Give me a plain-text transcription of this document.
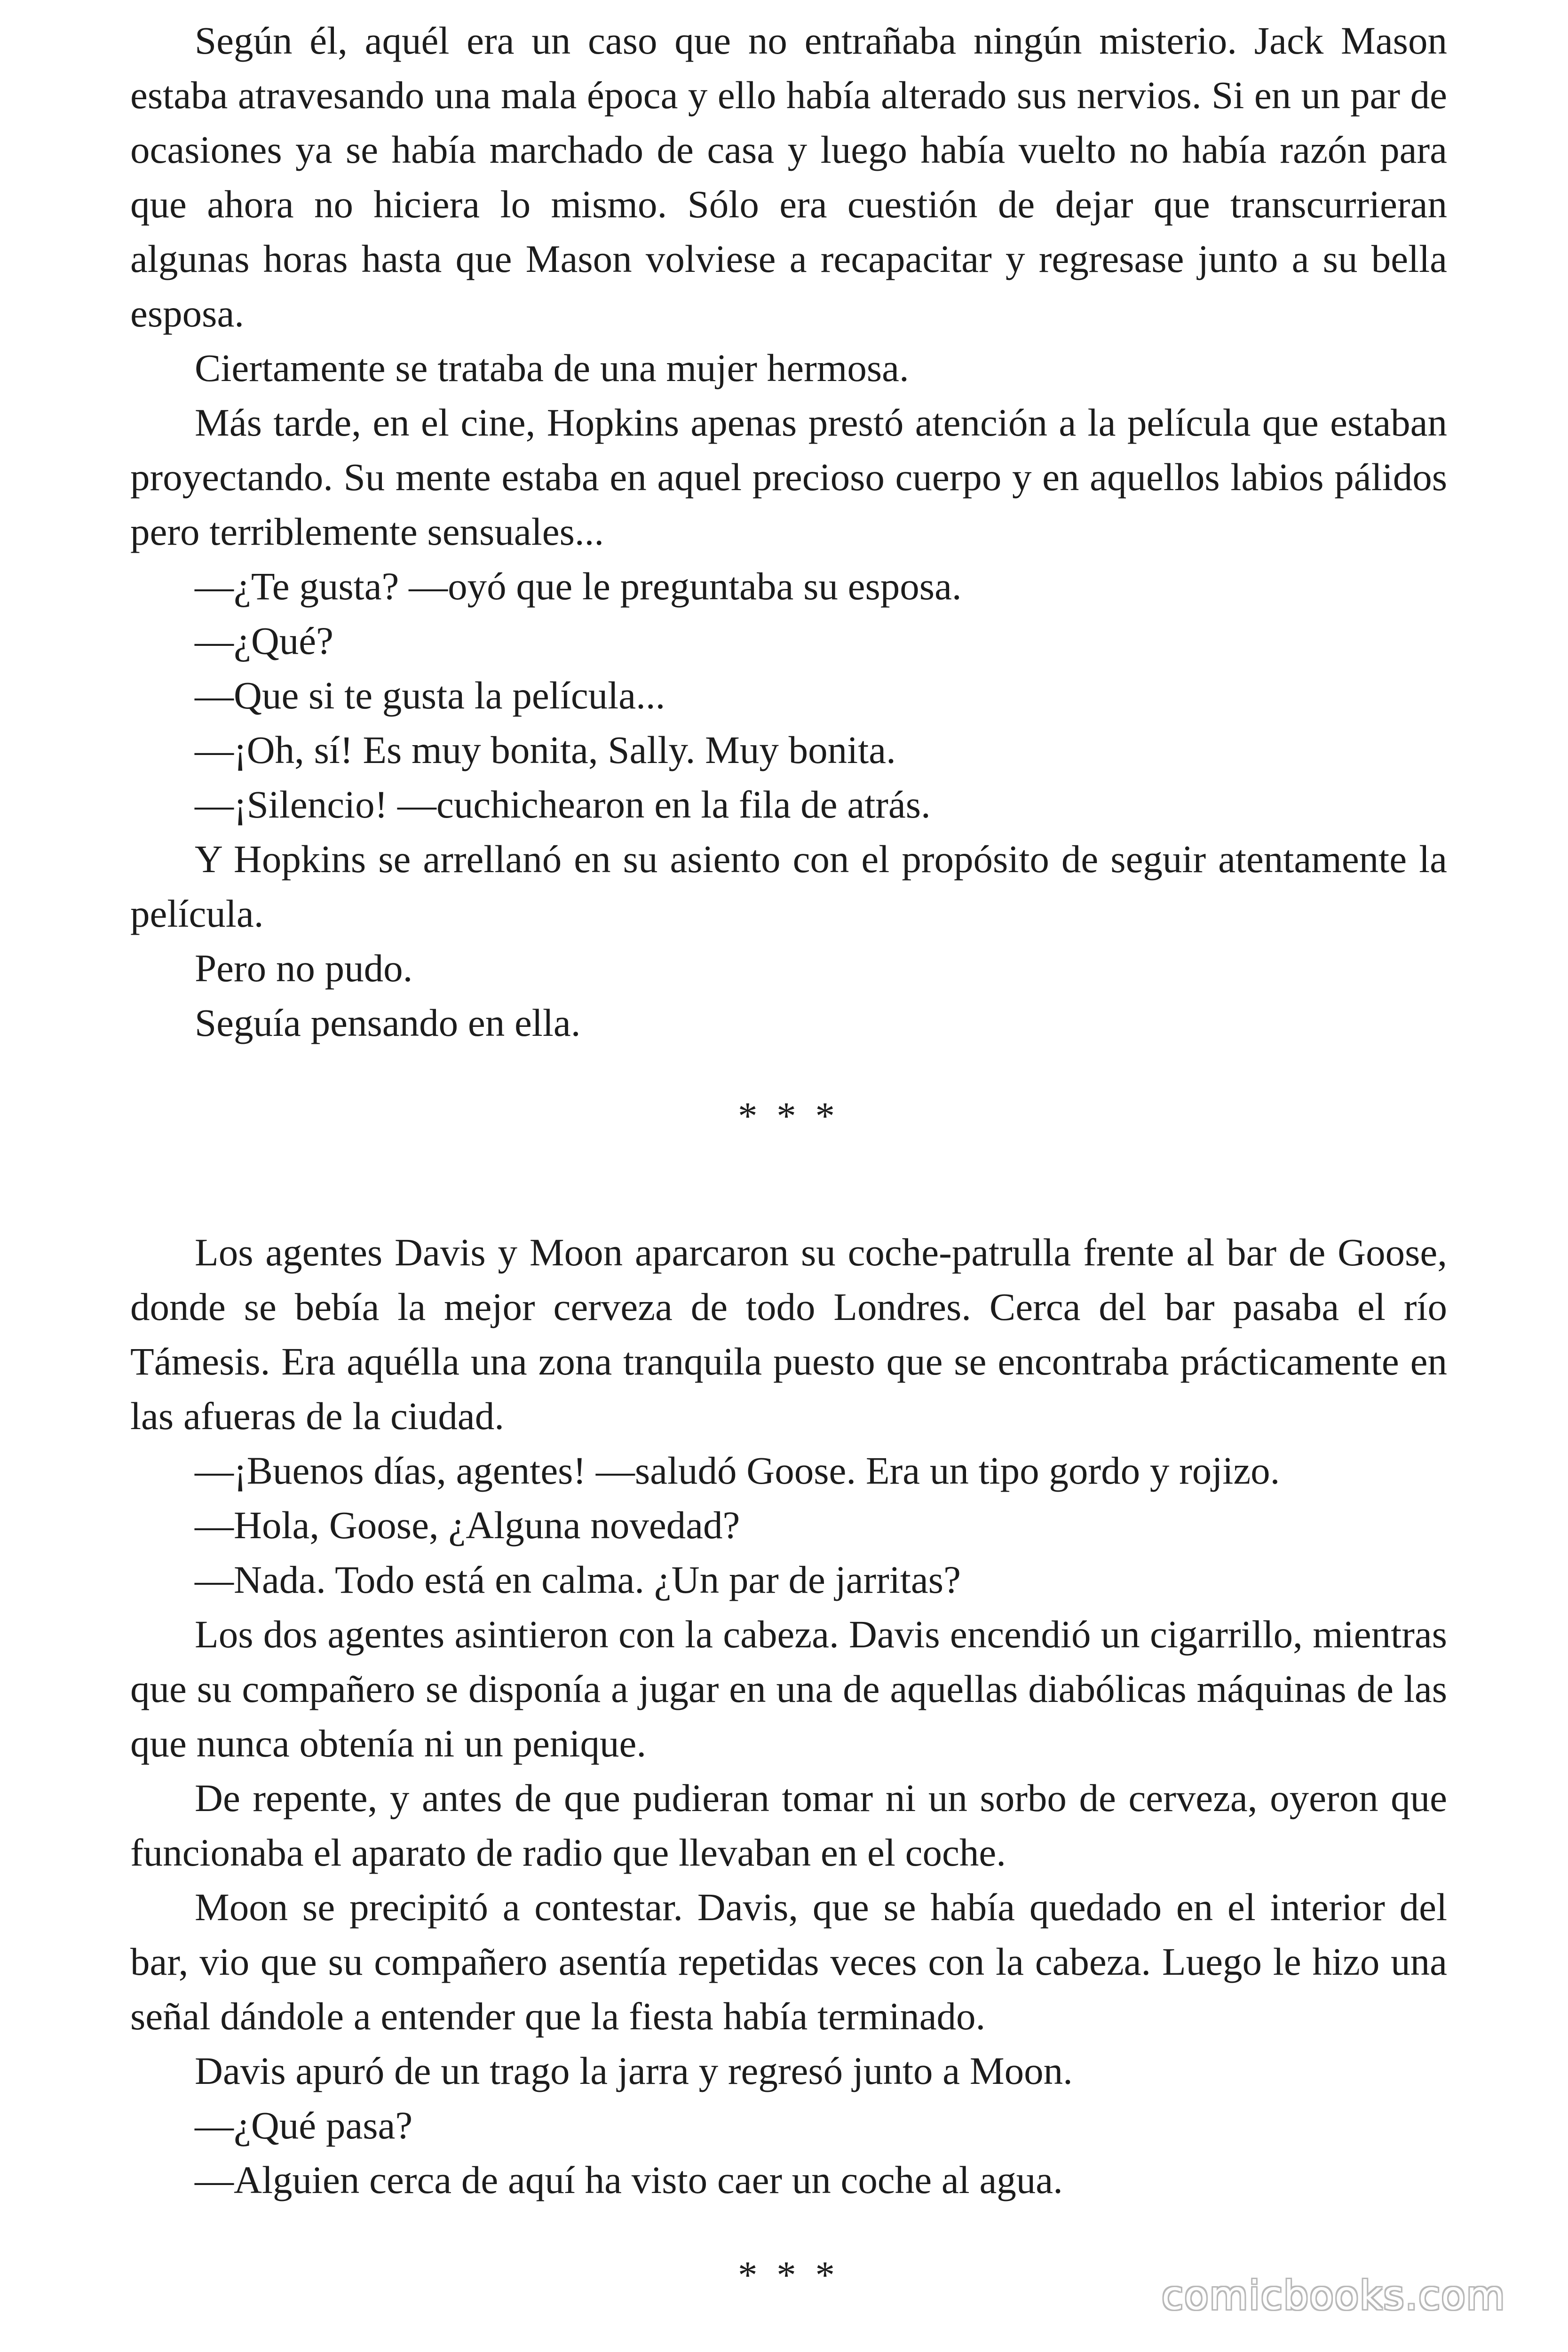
Según él, aquél era un caso que no entrañaba ningún misterio. Jack Mason estaba atravesando una mala época y ello había alterado sus nervios. Si en un par de ocasiones ya se había marchado de casa y luego había vuelto no había razón para que ahora no hiciera lo mismo. Sólo era cuestión de dejar que transcurrieran algunas horas hasta que Mason volviese a recapacitar y regresase junto a su bella esposa.

Ciertamente se trataba de una mujer hermosa.

Más tarde, en el cine, Hopkins apenas prestó atención a la película que estaban proyectando. Su mente estaba en aquel precioso cuerpo y en aquellos labios pálidos pero terriblemente sensuales...

—¿Te gusta? —oyó que le preguntaba su esposa.

—¿Qué?

—Que si te gusta la película...

—¡Oh, sí! Es muy bonita, Sally. Muy bonita.

—¡Silencio! —cuchichearon en la fila de atrás.

Y Hopkins se arrellanó en su asiento con el propósito de seguir atentamente la película.

Pero no pudo.

Seguía pensando en ella.

* * *

Los agentes Davis y Moon aparcaron su coche-patrulla frente al bar de Goose, donde se bebía la mejor cerveza de todo Londres. Cerca del bar pasaba el río Támesis. Era aquélla una zona tranquila puesto que se encontraba prácticamente en las afueras de la ciudad.

—¡Buenos días, agentes! —saludó Goose. Era un tipo gordo y rojizo.

—Hola, Goose, ¿Alguna novedad?

—Nada. Todo está en calma. ¿Un par de jarritas?

Los dos agentes asintieron con la cabeza. Davis encendió un cigarrillo, mientras que su compañero se disponía a jugar en una de aquellas diabólicas máquinas de las que nunca obtenía ni un penique.

De repente, y antes de que pudieran tomar ni un sorbo de cerveza, oyeron que funcionaba el aparato de radio que llevaban en el coche.

Moon se precipitó a contestar. Davis, que se había quedado en el interior del bar, vio que su compañero asentía repetidas veces con la cabeza. Luego le hizo una señal dándole a entender que la fiesta había terminado.

Davis apuró de un trago la jarra y regresó junto a Moon.

—¿Qué pasa?

—Alguien cerca de aquí ha visto caer un coche al agua.

* * *	comicbooks.com
